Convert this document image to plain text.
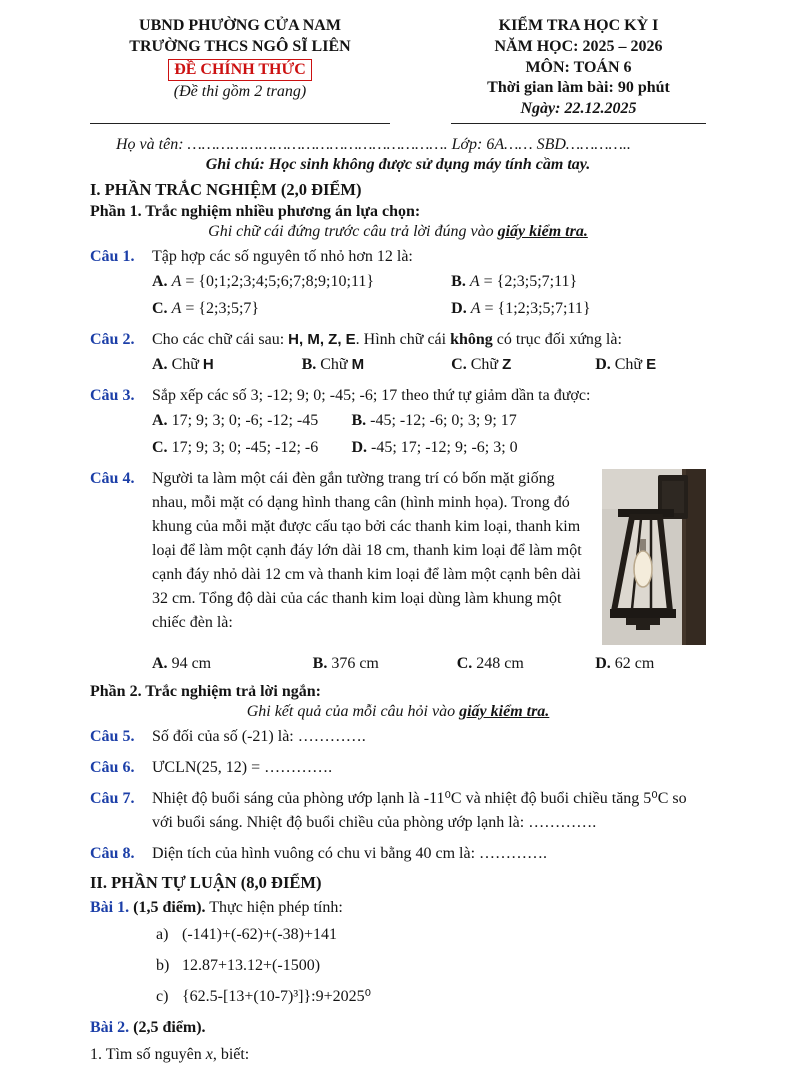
UBND PHƯỜNG CỬA NAM
TRƯỜNG THCS NGÔ SĨ LIÊN
ĐỀ CHÍNH THỨC
(Đề thi gồm 2 trang)
KIỂM TRA HỌC KỲ I
NĂM HỌC: 2025 – 2026
MÔN: TOÁN 6
Thời gian làm bài: 90 phút
Ngày: 22.12.2025
Họ và tên: ………………………………………………. Lớp: 6A…… SBD…………..
Ghi chú: Học sinh không được sử dụng máy tính cầm tay.
I. PHẦN TRẮC NGHIỆM (2,0 ĐIỂM)
Phần 1. Trắc nghiệm nhiều phương án lựa chọn:
Ghi chữ cái đứng trước câu trả lời đúng vào giấy kiểm tra.
Câu 1.	Tập hợp các số nguyên tố nhỏ hơn 12 là:
A. A = {0;1;2;3;4;5;6;7;8;9;10;11}	B. A = {2;3;5;7;11}
C. A = {2;3;5;7}	D. A = {1;2;3;5;7;11}
Câu 2.	Cho các chữ cái sau: H, M, Z, E. Hình chữ cái không có trục đối xứng là:
A. Chữ H	B. Chữ M	C. Chữ Z	D. Chữ E
Câu 3.	Sắp xếp các số 3; -12; 9; 0; -45; -6; 17 theo thứ tự giảm dần ta được:
A. 17; 9; 3; 0; -6; -12; -45	B. -45; -12; -6; 0; 3; 9; 17
C. 17; 9; 3; 0; -45; -12; -6	D. -45; 17; -12; 9; -6; 3; 0
Câu 4.	Người ta làm một cái đèn gắn tường trang trí có bốn mặt giống nhau, mỗi mặt có dạng hình thang cân (hình minh họa). Trong đó khung của mỗi mặt được cấu tạo bởi các thanh kim loại, thanh kim loại để làm một cạnh đáy lớn dài 18 cm, thanh kim loại để làm một cạnh đáy nhỏ dài 12 cm và thanh kim loại để làm một cạnh bên dài 32 cm. Tổng độ dài của các thanh kim loại dùng làm khung một chiếc đèn là:
A. 94 cm	B. 376 cm	C. 248 cm	D. 62 cm
Phần 2. Trắc nghiệm trả lời ngắn:
Ghi kết quả của mỗi câu hỏi vào giấy kiểm tra.
Câu 5.	Số đối của số (-21) là: ………….
Câu 6.	ƯCLN(25, 12) = ………….
Câu 7.	Nhiệt độ buổi sáng của phòng ướp lạnh là -11⁰C và nhiệt độ buổi chiều tăng 5⁰C so với buổi sáng. Nhiệt độ buổi chiều của phòng ướp lạnh là: ………….
Câu 8.	Diện tích của hình vuông có chu vi bằng 40 cm là: ………….
II. PHẦN TỰ LUẬN (8,0 ĐIỂM)
Bài 1. (1,5 điểm). Thực hiện phép tính:
a) (-141)+(-62)+(-38)+141
b) 12.87+13.12+(-1500)
c) {62.5-[13+(10-7)³]}:9+2025⁰
Bài 2. (2,5 điểm).
1. Tìm số nguyên x, biết:
